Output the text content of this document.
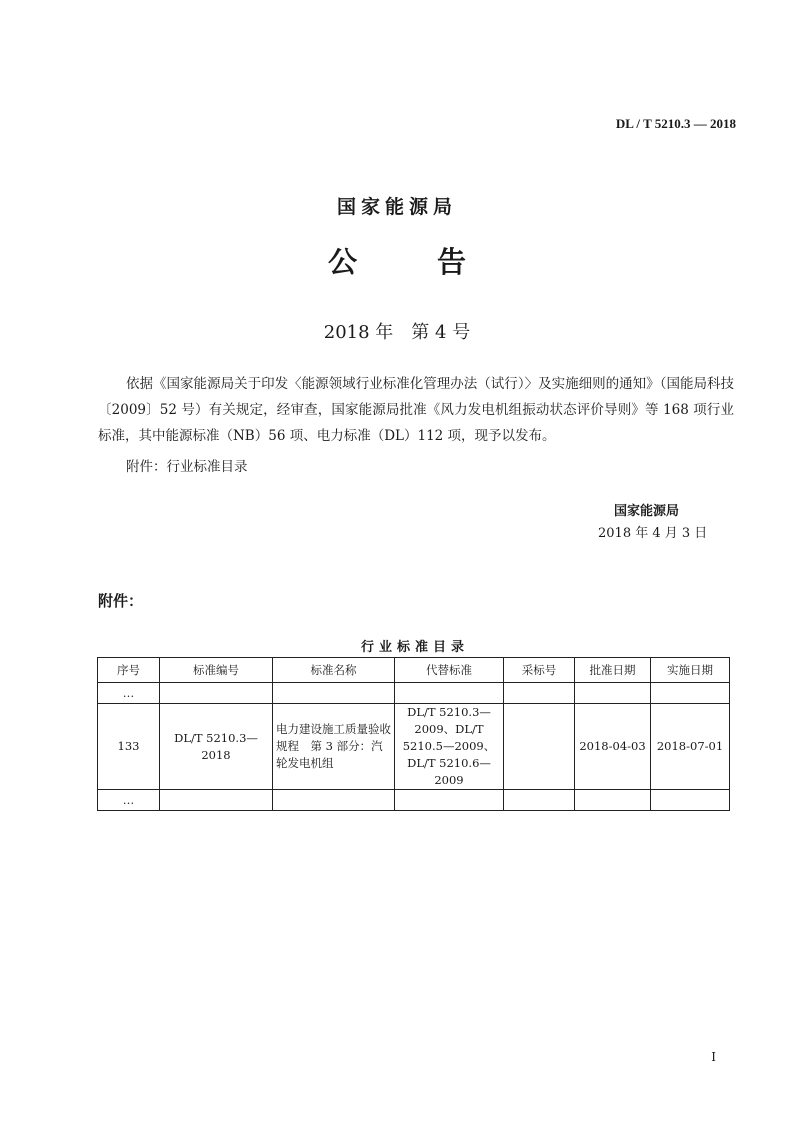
DL / T 5210.3 — 2018
国家能源局
公	告
2018 年　第 4 号
依据《国家能源局关于印发〈能源领域行业标准化管理办法（试行）〉及实施细则的通知》（国能局科技〔2009〕52 号）有关规定，经审查，国家能源局批准《风力发电机组振动状态评价导则》等 168 项行业标准，其中能源标准（NB）56 项、电力标准（DL）112 项，现予以发布。
附件：行业标准目录
国家能源局
2018 年 4 月 3 日
附件：
行业标准目录
序号	标准编号	标准名称	代替标准	采标号	批准日期	实施日期
…						
133	DL/T 5210.3—2018	电力建设施工质量验收规程　第 3 部分：汽轮发电机组	DL/T 5210.3—2009、DL/T 5210.5—2009、DL/T 5210.6—2009		2018-04-03	2018-07-01
…						
I
